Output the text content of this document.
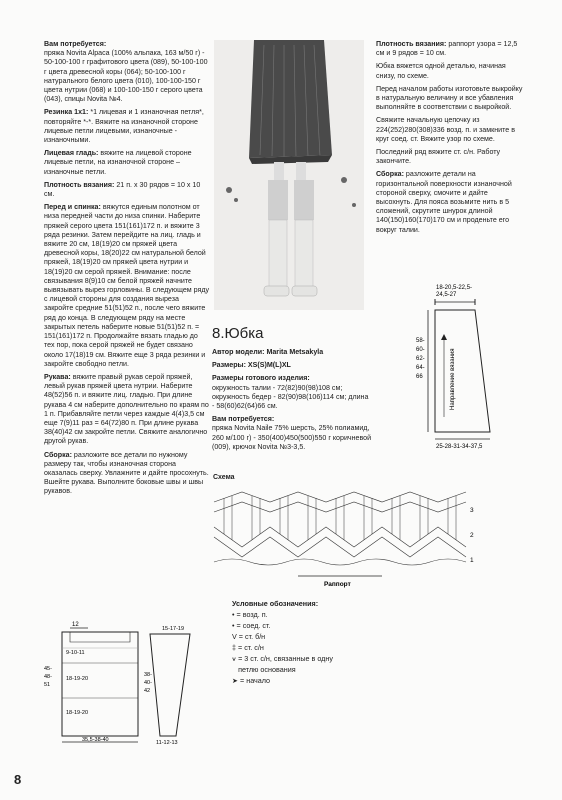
Вам потребуется:
пряжа Novita Alpaca (100% альпака, 163 м/50 г) - 50-100-100 г графитового цвета (089), 50-100-100 г цвета древесной коры (064); 50-100-100 г натурального белого цвета (010), 100-100-150 г цвета нутрии (068) и 100-100-150 г серого цвета (043), спицы Novita №4.

Резинка 1х1: *1 лицевая и 1 изнаночная петля*, повторяйте *-*. Вяжите на изнаночной стороне лицевые петли лицевыми, изнаночные - изнаночными.

Лицевая гладь: вяжите на лицевой стороне лицевые петли, на изнаночной стороне – изнаночные петли.

Плотность вязания: 21 п. х 30 рядов = 10 х 10 см.

Перед и спинка: вяжутся единым полотном от низа передней части до низа спинки. Наберите пряжей серого цвета 151(161)172 п. и вяжите 3 ряда резинки. Затем перейдите на лиц. гладь и вяжите 20 см, 18(19)20 см пряжей цвета древесной коры, 18(20)22 см натуральной белой пряжей, 18(19)20 см пряжей цвета нутрии и 18(19)20 см серой пряжей. Внимание: после связывания 8(9)10 см белой пряжей начните вывязывать вырез горловины. В следующем ряду с лицевой стороны для создания выреза закройте средние 51(51)52 п., после чего вяжите ряд до конца. В следующем ряду на месте закрытых петель наберите новые 51(51)52 п. = 151(161)172 п. Продолжайте вязать гладью до тех пор, пока серой пряжей не будет связано около 17(18)19 см. Вяжите еще 3 ряда резинки и закройте свободно петли.

Рукава: вяжите правый рукав серой пряжей, левый рукав пряжей цвета нутрии. Наберите 48(52)56 п. и вяжите лиц. гладью. При длине рукава 4 см наберите дополнительно по краям по 1 п. Прибавляйте петли через каждые 4(4)3,5 см еще 7(9)11 раз = 64(72)80 п. При длине рукава 38(40)42 см закройте петли. Свяжите аналогично другой рукав.

Сборка: разложите все детали по нужному размеру так, чтобы изнаночная сторона оказалась сверху. Увлажните и дайте просохнуть. Вшейте рукава. Выполните боковые швы и швы рукавов.

8.Юбка

Автор модели: Marita Metsakyla

Размеры: XS(S)M(L)XL

Размеры готового изделия:
окружность талии - 72(82)90(98)108 см; окружность бедер - 82(90)98(106)114 см; длина - 58(60)62(64)66 см.

Вам потребуется:
пряжа Novita Naile 75% шерсть, 25% полиамид, 260 м/100 г) - 350(400)450(500)550 г коричневой (009), крючок Novita №3-3,5.

Плотность вязания: раппорт узора = 12,5 см и 9 рядов = 10 см.

Юбка вяжется одной деталью, начиная снизу, по схеме.

Перед началом работы изготовьте выкройку в натуральную величину и все убавления выполняйте в соответствии с выкройкой.

Свяжите начальную цепочку из 224(252)280(308)336 возд. п. и замкните в круг соед. ст. Вяжите узор по схеме.

Последний ряд вяжите ст. с/н. Работу закончите.

Сборка: разложите детали на горизонтальной поверхности изнаночной стороной сверху, смочите и дайте высохнуть. Для пояса возьмите нить в 5 сложений, скрутите шнурок длиной 140(150)160(170)170 см и проденьте его вокруг талии.

18-20,5-22,5-
24,5-27
58-
60-
62-
64-
66	Направление вязания
25-28-31-34-37,5
Схема
Раппорт
3
2
1
Условные обозначения:
• = возд. п.
• = соед. ст.
V = ст. б/н
‡ = ст. с/н
⩛
= 3 ст. с/н, связанные в одну петлю основания
➤ = начало
12
9-10-11
18-19-20
18-19-20
45-
48-
51
35,5-38-40
15-17-19
38-
40-
42
11-12-13
8
